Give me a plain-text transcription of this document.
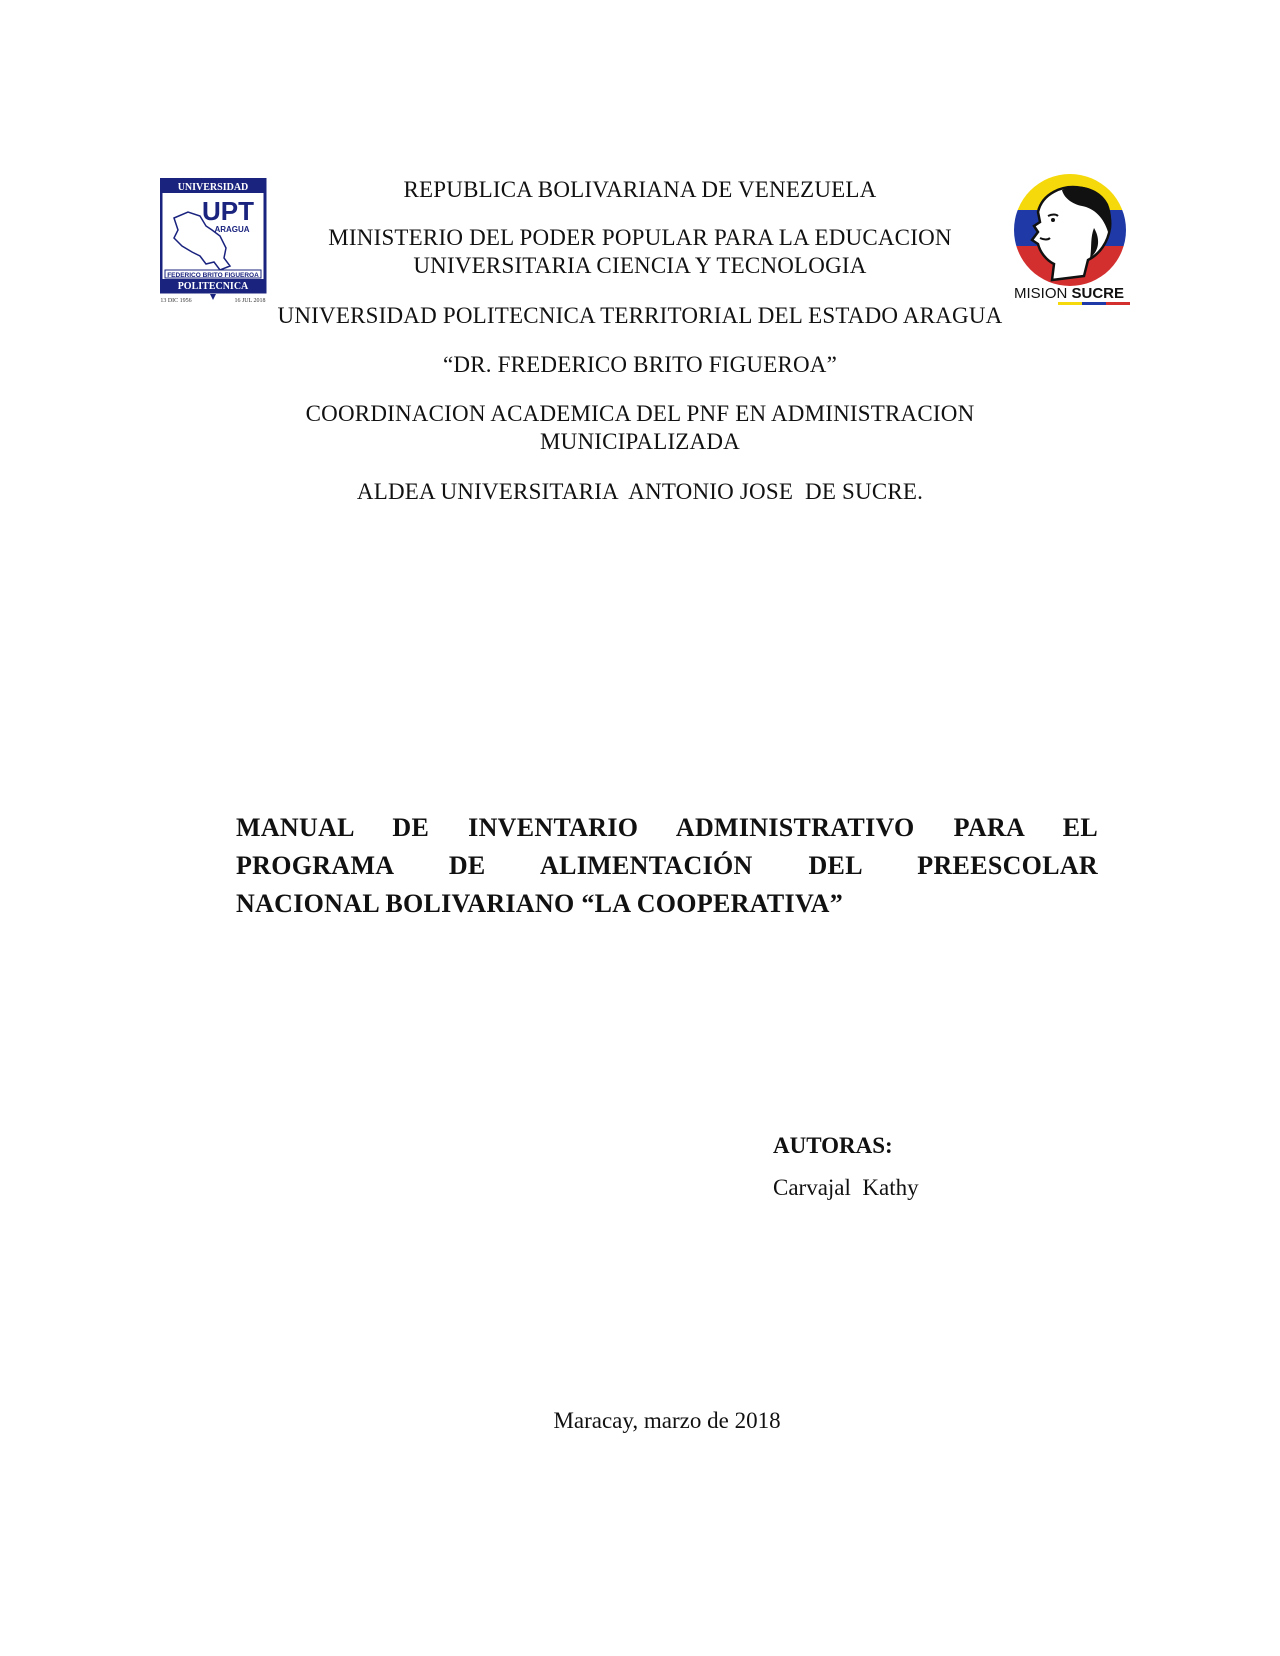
UNIVERSIDAD
UPT
ARAGUA
FEDERICO BRITO FIGUEROA
POLITECNICA
13 DIC 1956	16 JUL 2018	MISION SUCRE
REPUBLICA BOLIVARIANA DE VENEZUELA
MINISTERIO DEL PODER POPULAR PARA LA EDUCACION
UNIVERSITARIA CIENCIA Y TECNOLOGIA
UNIVERSIDAD POLITECNICA TERRITORIAL DEL ESTADO ARAGUA
“DR. FREDERICO BRITO FIGUEROA”
COORDINACION ACADEMICA DEL PNF EN ADMINISTRACION
MUNICIPALIZADA
ALDEA UNIVERSITARIA  ANTONIO JOSE  DE SUCRE.
MANUAL DE INVENTARIO ADMINISTRATIVO PARA EL
PROGRAMA DE ALIMENTACIÓN DEL PREESCOLAR
NACIONAL BOLIVARIANO “LA COOPERATIVA”
AUTORAS:
Carvajal  Kathy
Maracay, marzo de 2018
